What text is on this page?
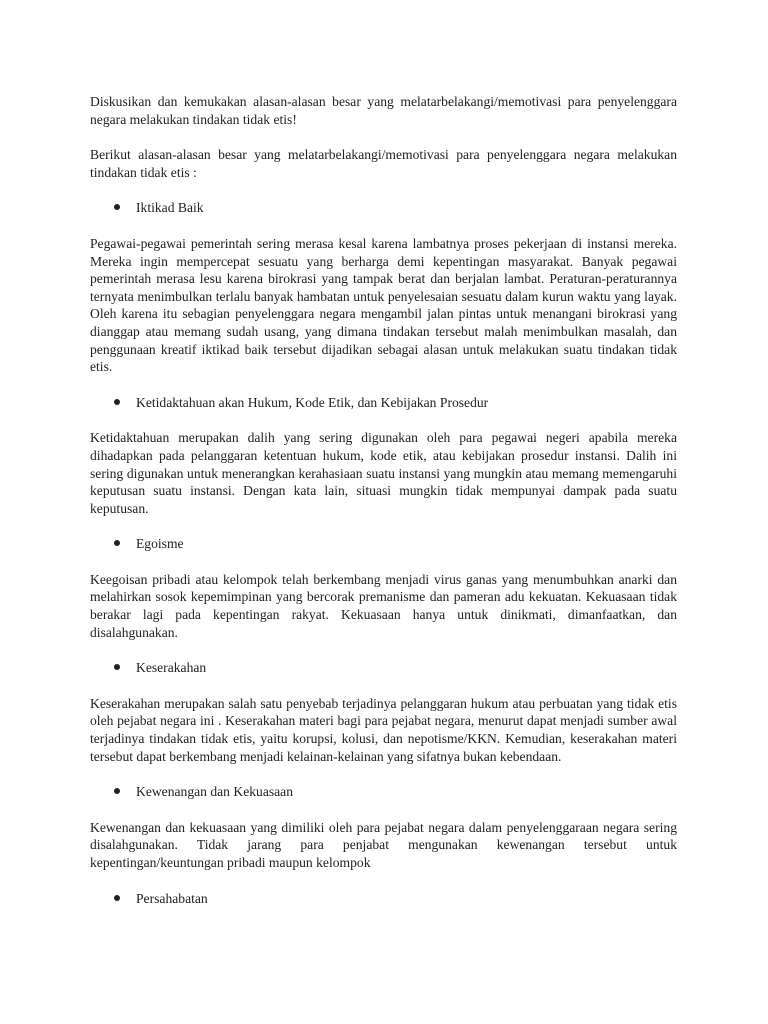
Diskusikan dan kemukakan alasan-alasan besar yang melatarbelakangi/memotivasi para penyelenggara negara melakukan tindakan tidak etis!

Berikut alasan-alasan besar yang melatarbelakangi/memotivasi para penyelenggara negara melakukan tindakan tidak etis :

Iktikad Baik

Pegawai-pegawai pemerintah sering merasa kesal karena lambatnya proses pekerjaan di instansi mereka. Mereka ingin mempercepat sesuatu yang berharga demi kepentingan masyarakat. Banyak pegawai pemerintah merasa lesu karena birokrasi yang tampak berat dan berjalan lambat. Peraturan-peraturannya ternyata menimbulkan terlalu banyak hambatan untuk penyelesaian sesuatu dalam kurun waktu yang layak. Oleh karena itu sebagian penyelenggara negara mengambil jalan pintas untuk menangani birokrasi yang dianggap atau memang sudah usang, yang dimana tindakan tersebut malah menimbulkan masalah, dan penggunaan kreatif iktikad baik tersebut dijadikan sebagai alasan untuk melakukan suatu tindakan tidak etis.

Ketidaktahuan akan Hukum, Kode Etik, dan Kebijakan Prosedur

Ketidaktahuan merupakan dalih yang sering digunakan oleh para pegawai negeri apabila mereka dihadapkan pada pelanggaran ketentuan hukum, kode etik, atau kebijakan prosedur instansi. Dalih ini sering digunakan untuk menerangkan kerahasiaan suatu instansi yang mungkin atau memang memengaruhi keputusan suatu instansi. Dengan kata lain, situasi mungkin tidak mempunyai dampak pada suatu keputusan.

Egoisme

Keegoisan pribadi atau kelompok telah berkembang menjadi virus ganas yang menumbuhkan anarki dan melahirkan sosok kepemimpinan yang bercorak premanisme dan pameran adu kekuatan. Kekuasaan tidak berakar lagi pada kepentingan rakyat. Kekuasaan hanya untuk dinikmati, dimanfaatkan, dan disalahgunakan.

Keserakahan

Keserakahan merupakan salah satu penyebab terjadinya pelanggaran hukum atau perbuatan yang tidak etis oleh pejabat negara ini . Keserakahan materi bagi para pejabat negara, menurut dapat menjadi sumber awal terjadinya tindakan tidak etis, yaitu korupsi, kolusi, dan nepotisme/KKN. Kemudian, keserakahan materi tersebut dapat berkembang menjadi kelainan-kelainan yang sifatnya bukan kebendaan.

Kewenangan dan Kekuasaan

Kewenangan dan kekuasaan yang dimiliki oleh para pejabat negara dalam penyelenggaraan negara sering disalahgunakan. Tidak jarang para penjabat mengunakan kewenangan tersebut untuk kepentingan/keuntungan pribadi maupun kelompok

Persahabatan
